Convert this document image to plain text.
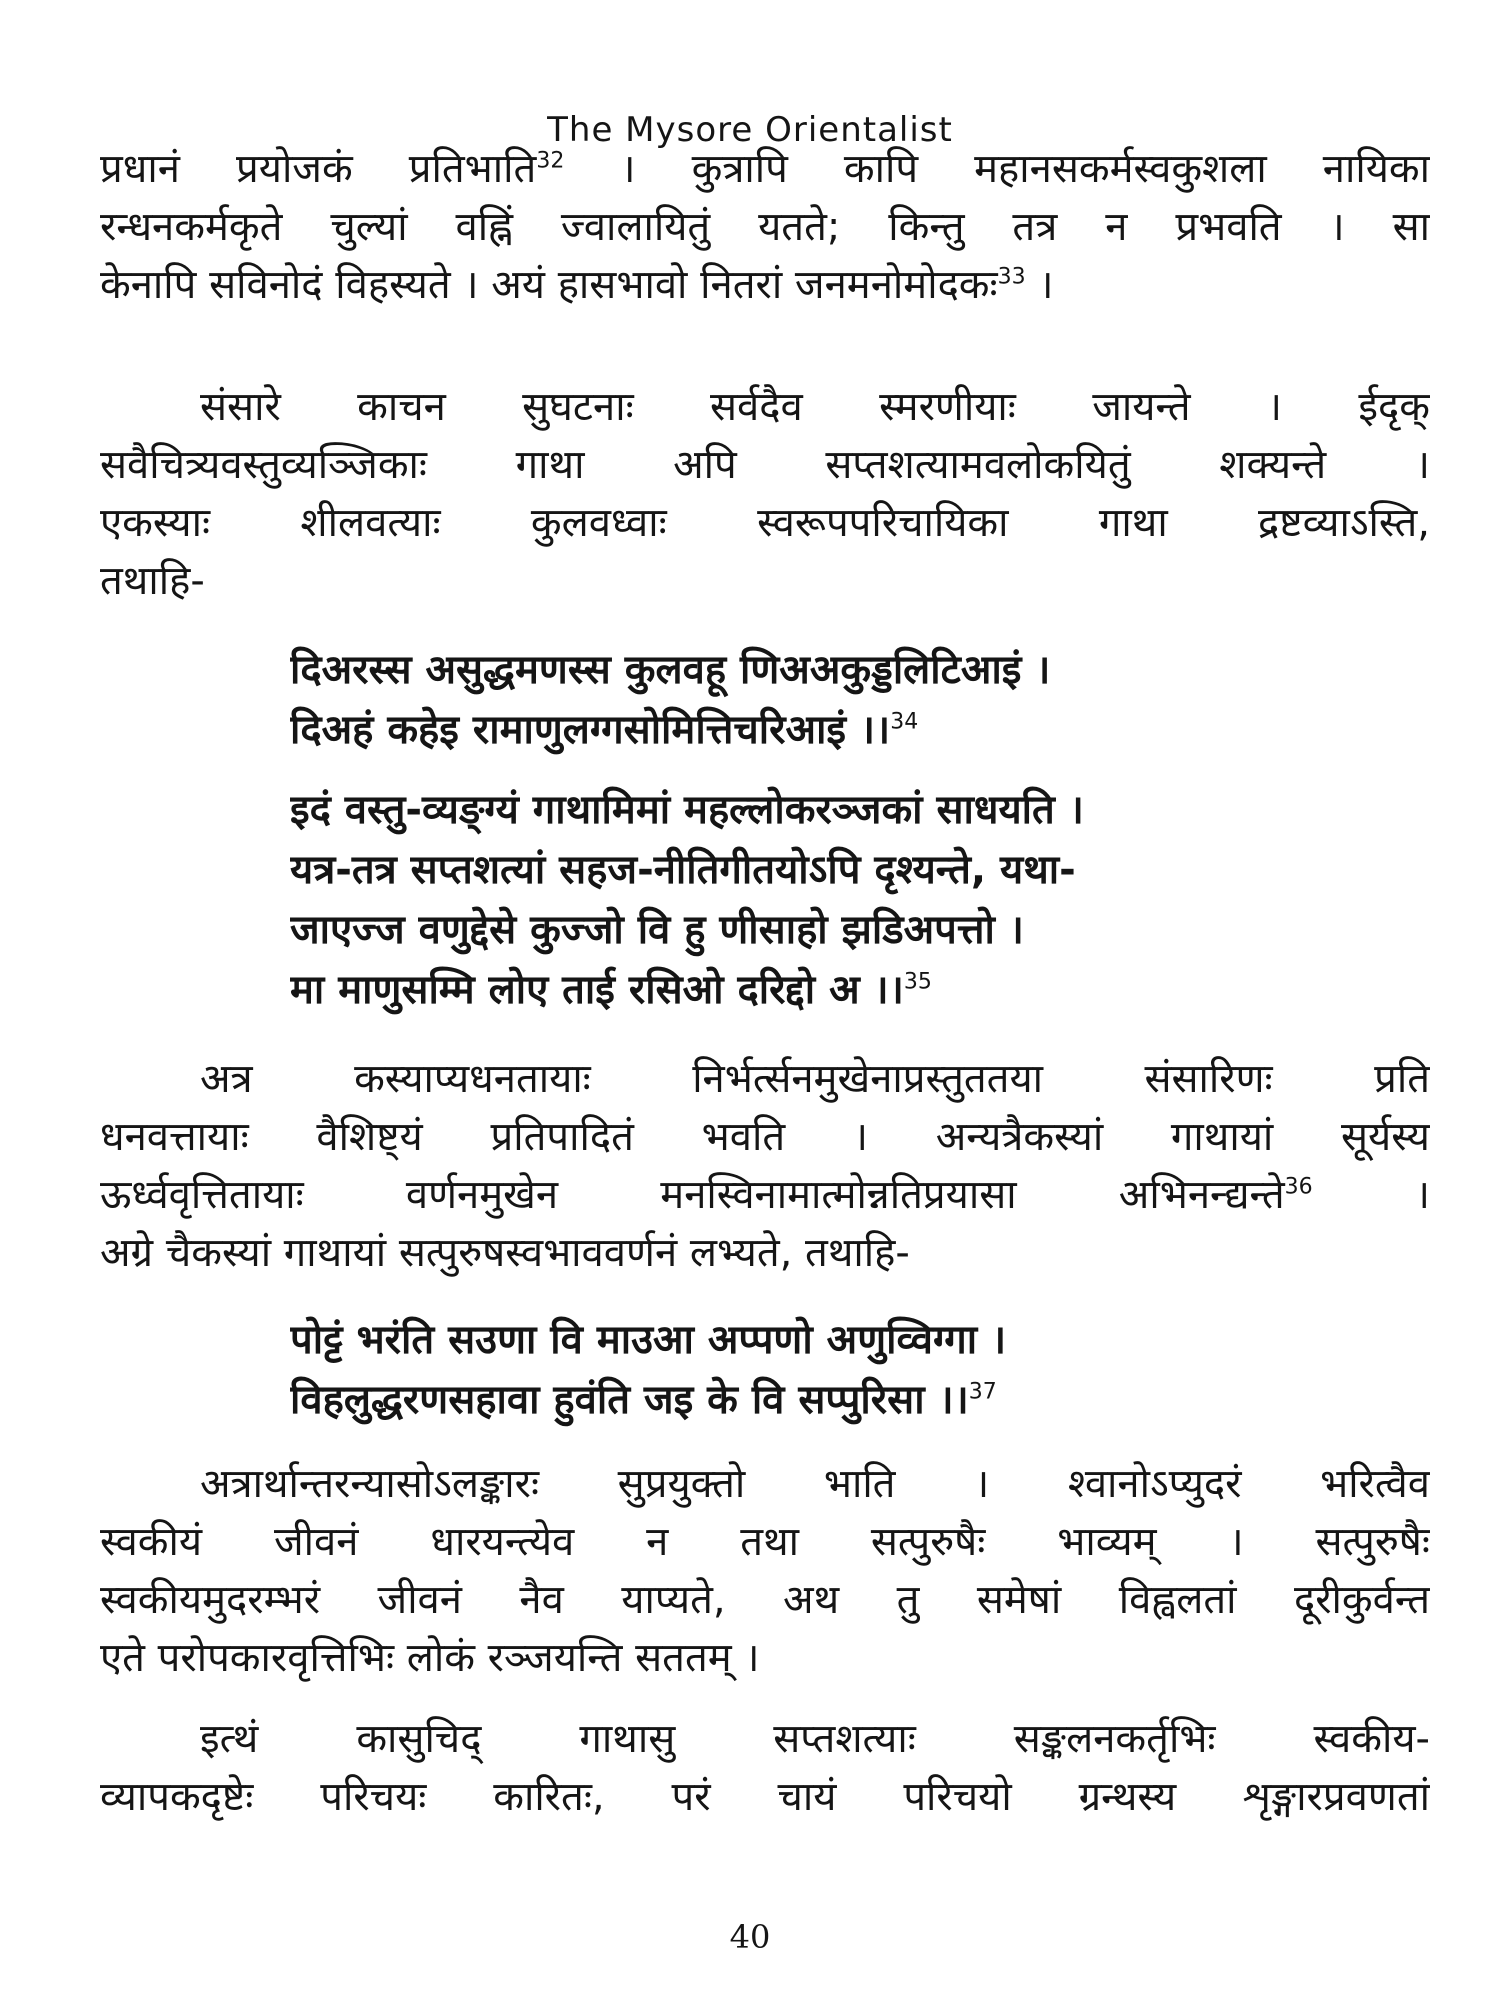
The Mysore Orientalist
प्रधानं प्रयोजकं प्रतिभाति$^{32}$ । कुत्रापि कापि महानसकर्मस्वकुशला नायिका
रन्धनकर्मकृते चुल्यां वह्निं ज्वालायितुं यतते; किन्तु तत्र न प्रभवति । सा
केनापि सविनोदं विहस्यते । अयं हासभावो नितरां जनमनोमोदकः$^{33}$ ।
संसारे काचन सुघटनाः सर्वदैव स्मरणीयाः जायन्ते । ईदृक्
सवैचित्र्यवस्तुव्यञ्जिकाः गाथा अपि सप्तशत्यामवलोकयितुं शक्यन्ते ।
एकस्याः शीलवत्याः कुलवध्वाः स्वरूपपरिचायिका गाथा द्रष्टव्याऽस्ति,
तथाहि-
दिअरस्स असुद्धमणस्स कुलवहू णिअअकुड्डलिटिआइं ।
दिअहं कहेइ रामाणुलग्गसोमित्तिचरिआइं ।।$^{34}$
इदं वस्तु-व्यङ्ग्यं गाथामिमां महल्लोकरञ्जकां साधयति ।
यत्र-तत्र सप्तशत्यां सहज-नीतिगीतयोऽपि दृश्यन्ते, यथा-
जाएज्ज वणुद्देसे कुज्जो वि हु णीसाहो झडिअपत्तो ।
मा माणुसम्मि लोए ताई रसिओ दरिद्दो अ ।।$^{35}$
अत्र कस्याप्यधनतायाः निर्भर्त्सनमुखेनाप्रस्तुततया संसारिणः प्रति
धनवत्तायाः वैशिष्ट्यं प्रतिपादितं भवति । अन्यत्रैकस्यां गाथायां सूर्यस्य
ऊर्ध्ववृत्तितायाः वर्णनमुखेन मनस्विनामात्मोन्नतिप्रयासा अभिनन्द्यन्ते$^{36}$ ।
अग्रे चैकस्यां गाथायां सत्पुरुषस्वभाववर्णनं लभ्यते, तथाहि-
पोट्टं भरंति सउणा वि माउआ अप्पणो अणुव्विग्गा ।
विहलुद्धरणसहावा हुवंति जइ के वि सप्पुरिसा ।।$^{37}$
अत्रार्थान्तरन्यासोऽलङ्कारः सुप्रयुक्तो भाति । श्वानोऽप्युदरं भरित्वैव
स्वकीयं जीवनं धारयन्त्येव न तथा सत्पुरुषैः भाव्यम् । सत्पुरुषैः
स्वकीयमुदरम्भरं जीवनं नैव याप्यते, अथ तु समेषां विह्वलतां दूरीकुर्वन्त
एते परोपकारवृत्तिभिः लोकं रञ्जयन्ति सततम् ।
इत्थं कासुचिद् गाथासु सप्तशत्याः सङ्कलनकर्तृभिः स्वकीय-
व्यापकदृष्टेः परिचयः कारितः, परं चायं परिचयो ग्रन्थस्य शृङ्गारप्रवणतां
40
